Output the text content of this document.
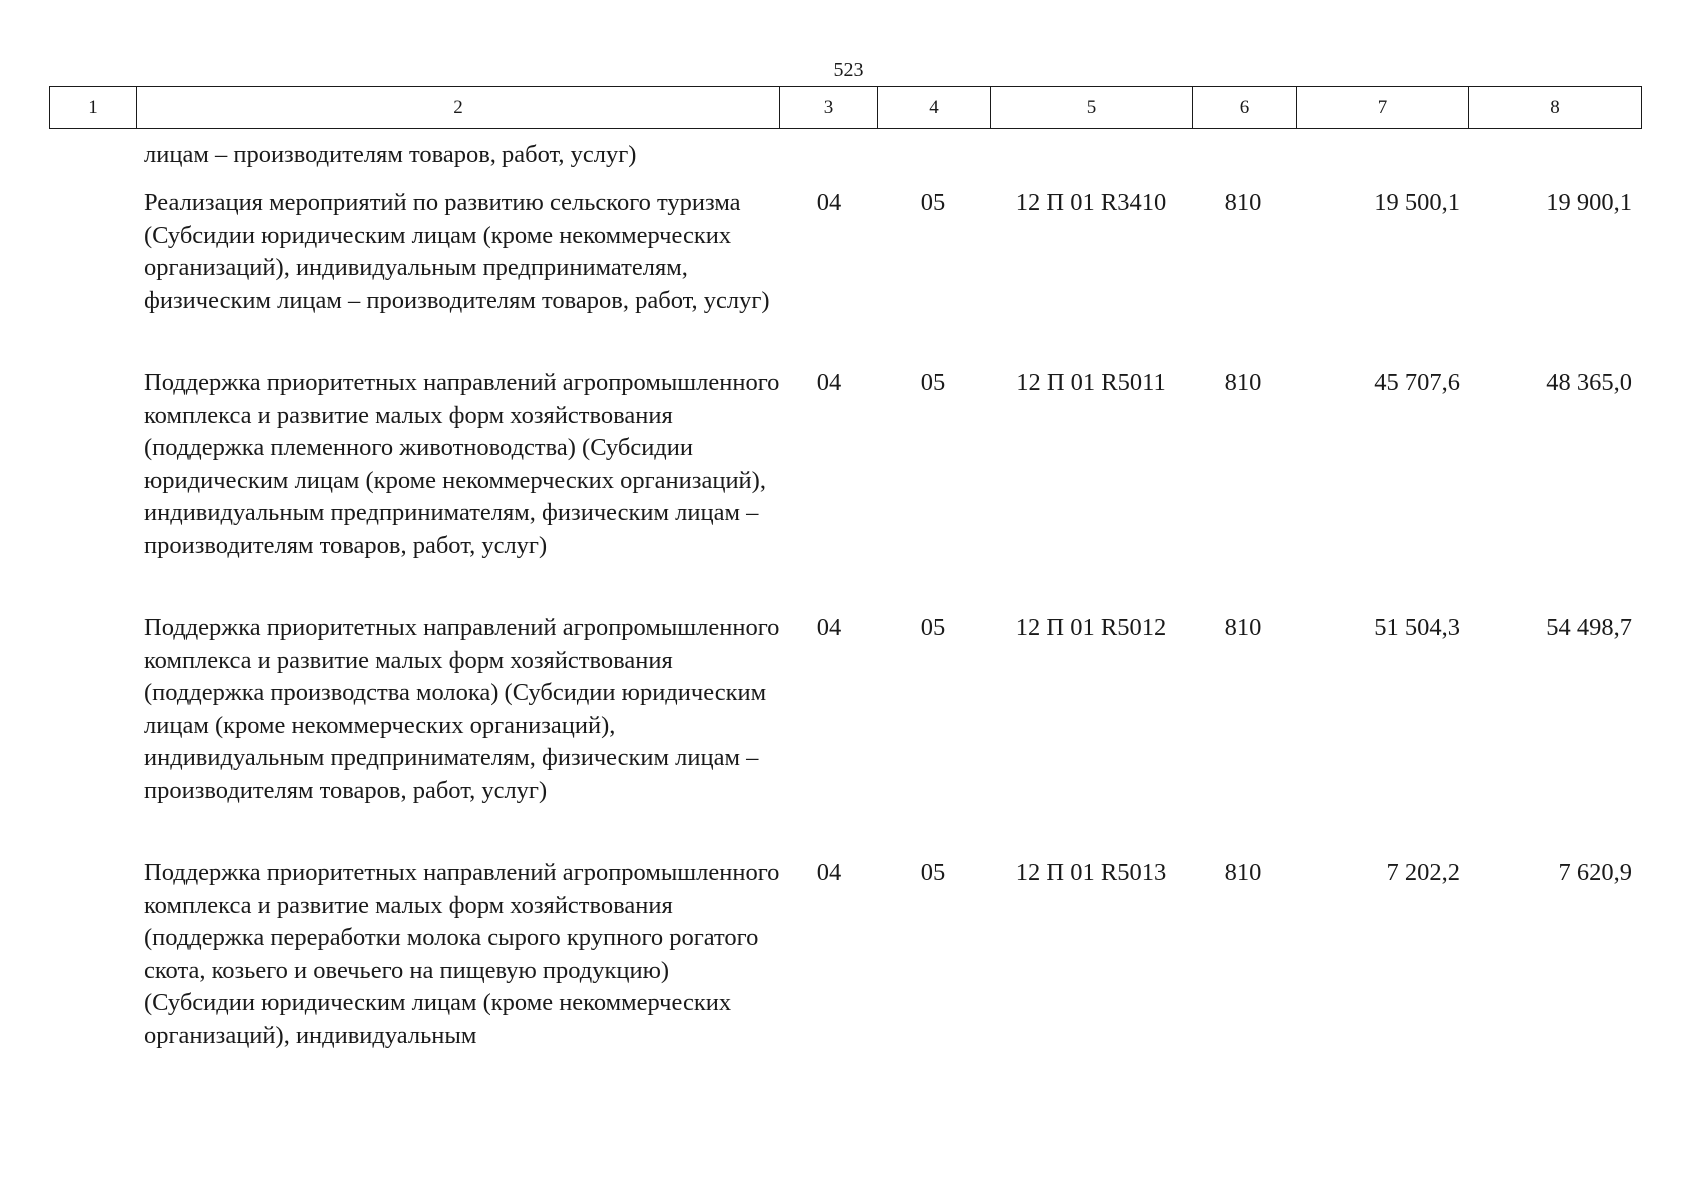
523
1	2	3	4	5	6	7	8
лицам – производителям товаров, работ, услуг)
Реализация мероприятий по развитию сельского туризма (Субсидии юридическим лицам (кроме некоммерческих организаций), индивидуальным предпринимателям, физическим лицам – производителям товаров, работ, услуг)
04	05	12 П 01 R3410	810	19 500,1	19 900,1
Поддержка приоритетных направлений агропромышленного комплекса и развитие малых форм хозяйствования (поддержка племенного животноводства) (Субсидии юридическим лицам (кроме некоммерческих организаций), индивидуальным предпринимателям, физическим лицам – производителям товаров, работ, услуг)
04	05	12 П 01 R5011	810	45 707,6	48 365,0
Поддержка приоритетных направлений агропромышленного комплекса и развитие малых форм хозяйствования (поддержка производства молока) (Субсидии юридическим лицам (кроме некоммерческих организаций), индивидуальным предпринимателям, физическим лицам – производителям товаров, работ, услуг)
04	05	12 П 01 R5012	810	51 504,3	54 498,7
Поддержка приоритетных направлений агропромышленного комплекса и развитие малых форм хозяйствования (поддержка переработки молока сырого крупного рогатого скота, козьего и овечьего на пищевую продукцию) (Субсидии юридическим лицам (кроме некоммерческих организаций), индивидуальным
04	05	12 П 01 R5013	810	7 202,2	7 620,9
